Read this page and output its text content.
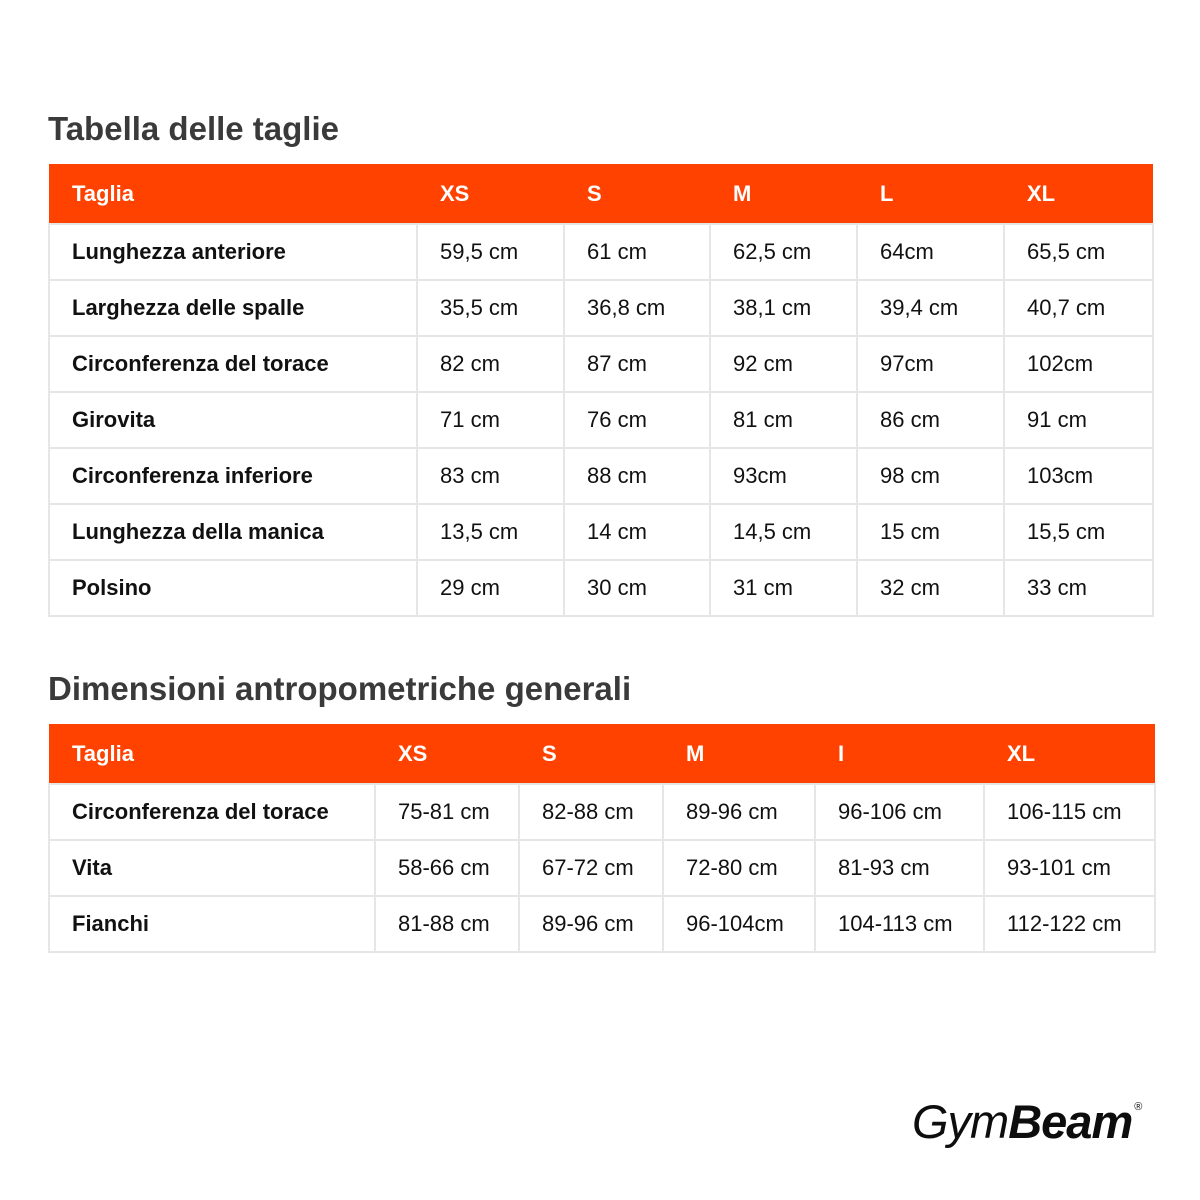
Tabella delle taglie
Taglia	XS	S	M	L	XL
Lunghezza anteriore	59,5 cm	61 cm	62,5 cm	64cm	65,5 cm
Larghezza delle spalle	35,5 cm	36,8 cm	38,1 cm	39,4 cm	40,7 cm
Circonferenza del torace	82 cm	87 cm	92 cm	97cm	102cm
Girovita	71 cm	76 cm	81 cm	86 cm	91 cm
Circonferenza inferiore	83 cm	88 cm	93cm	98 cm	103cm
Lunghezza della manica	13,5 cm	14 cm	14,5 cm	15 cm	15,5 cm
Polsino	29 cm	30 cm	31 cm	32 cm	33 cm
Dimensioni antropometriche generali
Taglia	XS	S	M	I	XL
Circonferenza del torace	75-81 cm	82-88 cm	89-96 cm	96-106 cm	106-115 cm
Vita	58-66 cm	67-72 cm	72-80 cm	81-93 cm	93-101 cm
Fianchi	81-88 cm	89-96 cm	96-104cm	104-113 cm	112-122 cm
Gym Beam ®
